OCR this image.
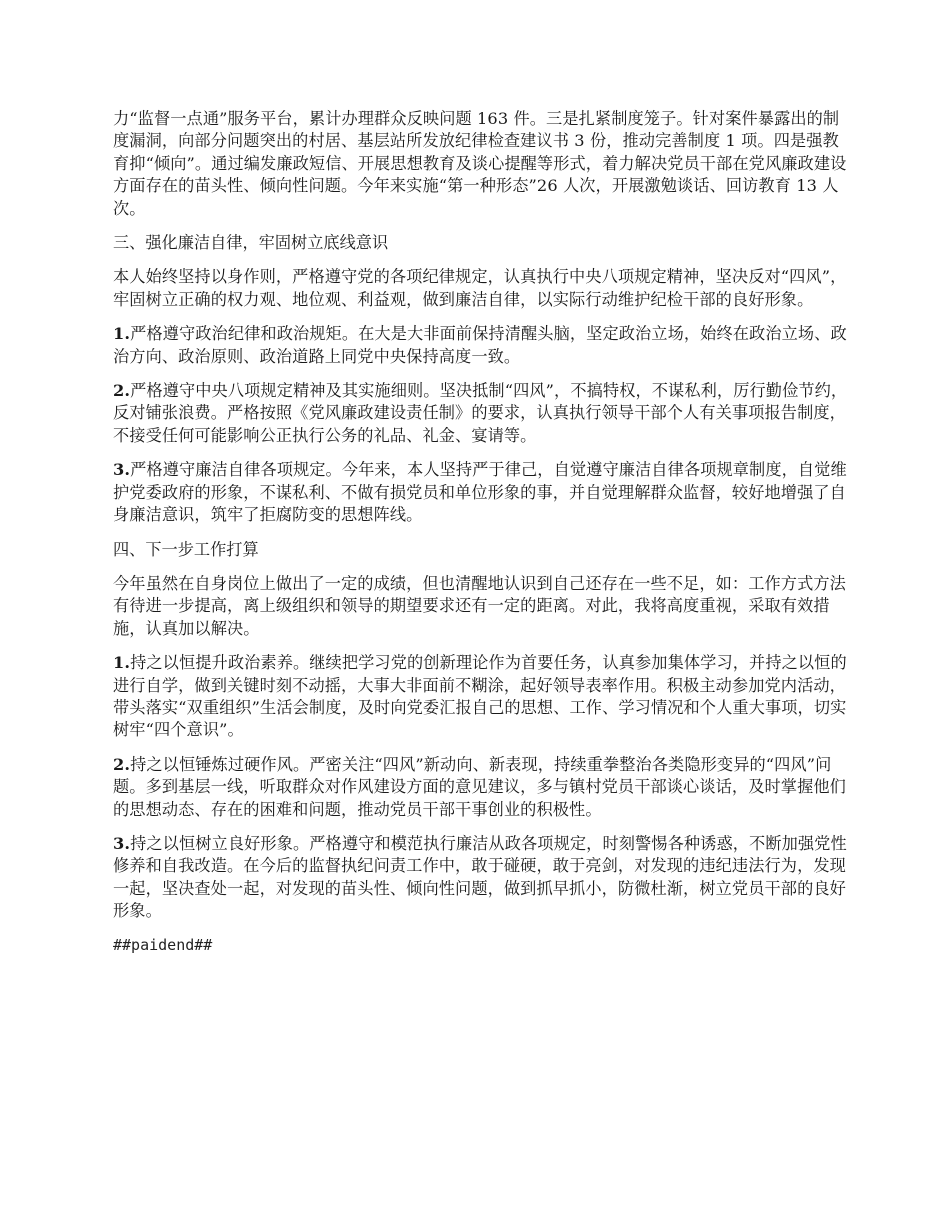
力“监督一点通”服务平台，累计办理群众反映问题 163 件。三是扎紧制度笼子。针对案件暴露出的制度漏洞，向部分问题突出的村居、基层站所发放纪律检查建议书 3 份，推动完善制度 1 项。四是强教育抑“倾向”。通过编发廉政短信、开展思想教育及谈心提醒等形式，着力解决党员干部在党风廉政建设方面存在的苗头性、倾向性问题。今年来实施“第一种形态”26 人次，开展激勉谈话、回访教育 13 人次。

三、强化廉洁自律，牢固树立底线意识

本人始终坚持以身作则，严格遵守党的各项纪律规定，认真执行中央八项规定精神，坚决反对“四风”，牢固树立正确的权力观、地位观、利益观，做到廉洁自律，以实际行动维护纪检干部的良好形象。

1.严格遵守政治纪律和政治规矩。在大是大非面前保持清醒头脑，坚定政治立场，始终在政治立场、政治方向、政治原则、政治道路上同党中央保持高度一致。

2.严格遵守中央八项规定精神及其实施细则。坚决抵制“四风”，不搞特权，不谋私利，厉行勤俭节约，反对铺张浪费。严格按照《党风廉政建设责任制》的要求，认真执行领导干部个人有关事项报告制度，不接受任何可能影响公正执行公务的礼品、礼金、宴请等。

3.严格遵守廉洁自律各项规定。今年来，本人坚持严于律己，自觉遵守廉洁自律各项规章制度，自觉维护党委政府的形象，不谋私利、不做有损党员和单位形象的事，并自觉理解群众监督，较好地增强了自身廉洁意识，筑牢了拒腐防变的思想阵线。

四、下一步工作打算

今年虽然在自身岗位上做出了一定的成绩，但也清醒地认识到自己还存在一些不足，如：工作方式方法有待进一步提高，离上级组织和领导的期望要求还有一定的距离。对此，我将高度重视，采取有效措施，认真加以解决。

1.持之以恒提升政治素养。继续把学习党的创新理论作为首要任务，认真参加集体学习，并持之以恒的进行自学，做到关键时刻不动摇，大事大非面前不糊涂，起好领导表率作用。积极主动参加党内活动，带头落实“双重组织”生活会制度，及时向党委汇报自己的思想、工作、学习情况和个人重大事项，切实树牢“四个意识”。

2.持之以恒锤炼过硬作风。严密关注“四风”新动向、新表现，持续重拳整治各类隐形变异的“四风”问题。多到基层一线，听取群众对作风建设方面的意见建议，多与镇村党员干部谈心谈话，及时掌握他们的思想动态、存在的困难和问题，推动党员干部干事创业的积极性。

3.持之以恒树立良好形象。严格遵守和模范执行廉洁从政各项规定，时刻警惕各种诱惑，不断加强党性修养和自我改造。在今后的监督执纪问责工作中，敢于碰硬，敢于亮剑，对发现的违纪违法行为，发现一起，坚决查处一起，对发现的苗头性、倾向性问题，做到抓早抓小，防微杜渐，树立党员干部的良好形象。

##paidend##
